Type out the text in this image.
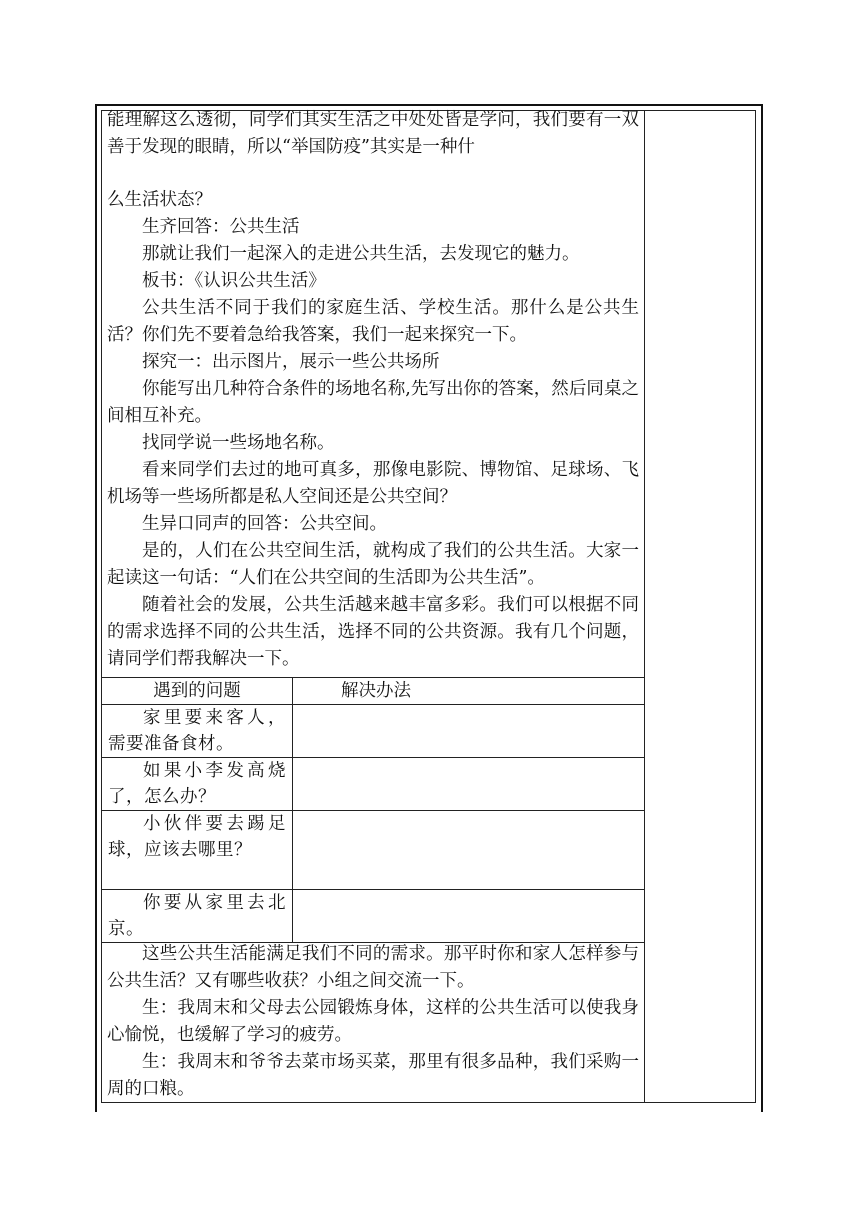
能理解这么透彻，同学们其实生活之中处处皆是学问，我们要有一双善于发现的眼睛，所以“举国防疫”其实是一种什

么生活状态？

生齐回答：公共生活

那就让我们一起深入的走进公共生活，去发现它的魅力。

板书：《认识公共生活》

公共生活不同于我们的家庭生活、学校生活。那什么是公共生活？你们先不要着急给我答案，我们一起来探究一下。

探究一：出示图片，展示一些公共场所

你能写出几种符合条件的场地名称,先写出你的答案，然后同桌之间相互补充。

找同学说一些场地名称。

看来同学们去过的地可真多，那像电影院、博物馆、足球场、飞机场等一些场所都是私人空间还是公共空间？

生异口同声的回答：公共空间。

是的，人们在公共空间生活，就构成了我们的公共生活。大家一起读这一句话：“人们在公共空间的生活即为公共生活”。

随着社会的发展，公共生活越来越丰富多彩。我们可以根据不同的需求选择不同的公共生活，选择不同的公共资源。我有几个问题，请同学们帮我解决一下。

遇到的问题	解决办法
家里要来客人，需要准备食材。	
如果小李发高烧了，怎么办？	
小伙伴要去踢足球，应该去哪里？	
你要从家里去北京。	

这些公共生活能满足我们不同的需求。那平时你和家人怎样参与公共生活？又有哪些收获？小组之间交流一下。

生：我周末和父母去公园锻炼身体，这样的公共生活可以使我身心愉悦，也缓解了学习的疲劳。

生：我周末和爷爷去菜市场买菜，那里有很多品种，我们采购一周的口粮。
